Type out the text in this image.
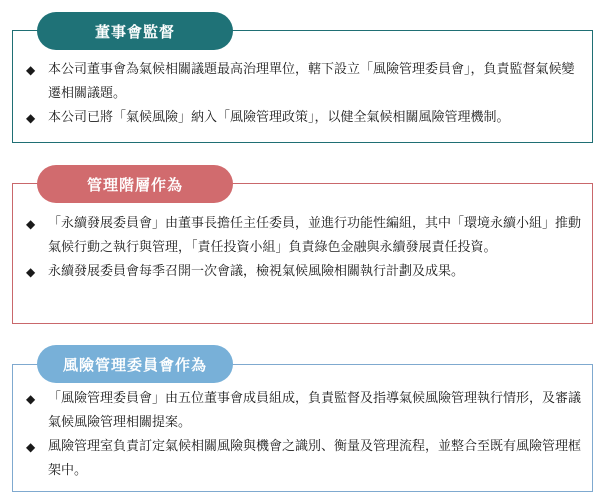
董事會監督
◆ 本公司董事會為氣候相關議題最高治理單位，轄下設立「風險管理委員會」，負責監督氣候變遷相關議題。
◆ 本公司已將「氣候風險」納入「風險管理政策」，以健全氣候相關風險管理機制。
管理階層作為
◆ 「永續發展委員會」由董事長擔任主任委員，並進行功能性編組，其中「環境永續小組」推動氣候行動之執行與管理，「責任投資小組」負責綠色金融與永續發展責任投資。
◆ 永續發展委員會每季召開一次會議，檢視氣候風險相關執行計劃及成果。
風險管理委員會作為
◆ 「風險管理委員會」由五位董事會成員組成，負責監督及指導氣候風險管理執行情形，及審議氣候風險管理相關提案。
◆ 風險管理室負責訂定氣候相關風險與機會之識別、衡量及管理流程，並整合至既有風險管理框架中。
